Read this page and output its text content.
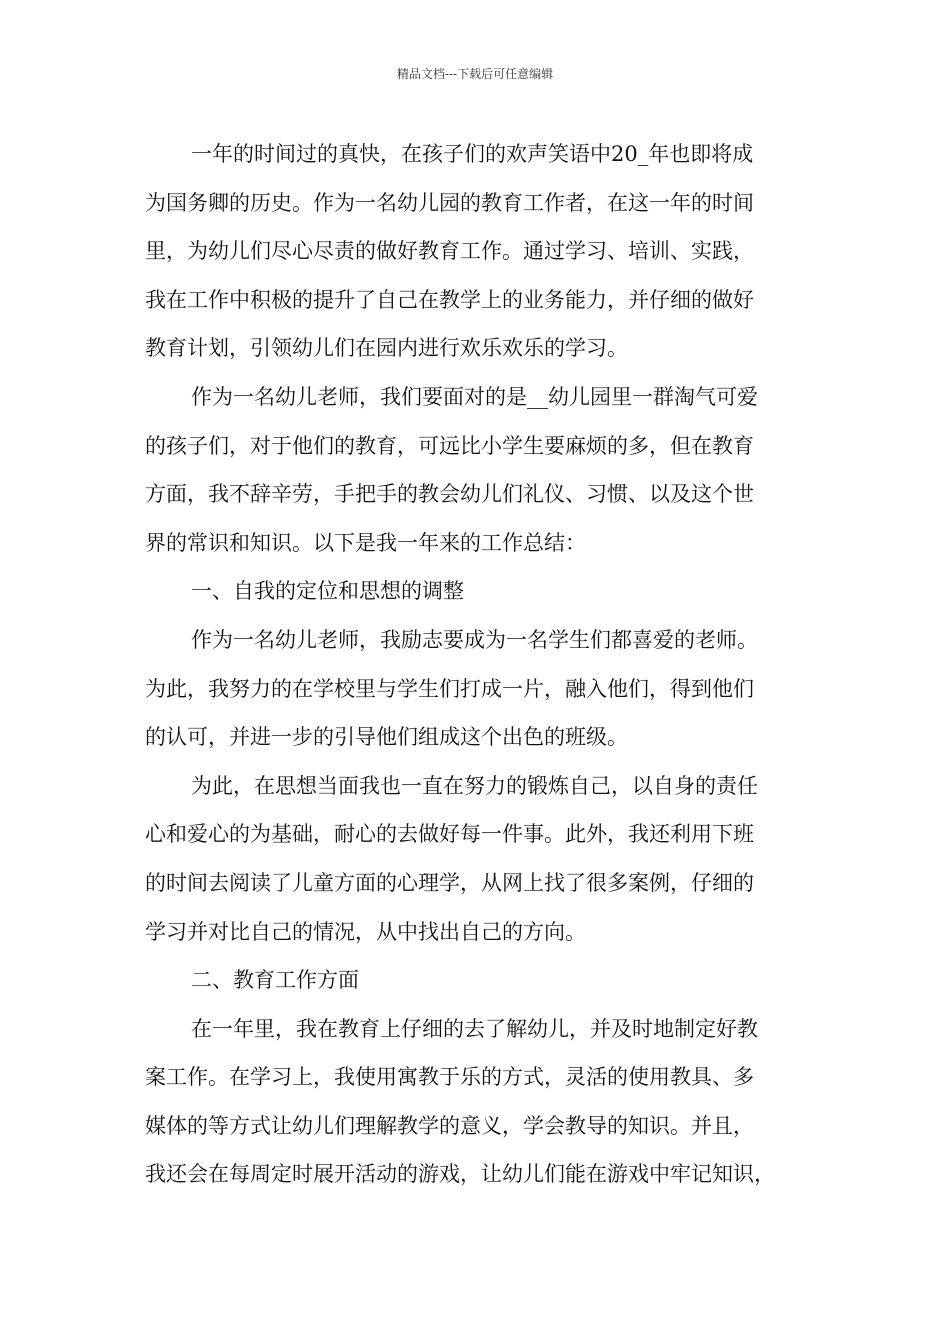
精品文档---下载后可任意编辑
一年的时间过的真快，在孩子们的欢声笑语中20_年也即将成
为国务卿的历史。作为一名幼儿园的教育工作者，在这一年的时间
里，为幼儿们尽心尽责的做好教育工作。通过学习、培训、实践，
我在工作中积极的提升了自己在教学上的业务能力，并仔细的做好
教育计划，引领幼儿们在园内进行欢乐欢乐的学习。
作为一名幼儿老师，我们要面对的是__幼儿园里一群淘气可爱
的孩子们，对于他们的教育，可远比小学生要麻烦的多，但在教育
方面，我不辞辛劳，手把手的教会幼儿们礼仪、习惯、以及这个世
界的常识和知识。以下是我一年来的工作总结：
一、自我的定位和思想的调整
作为一名幼儿老师，我励志要成为一名学生们都喜爱的老师。
为此，我努力的在学校里与学生们打成一片，融入他们，得到他们
的认可，并进一步的引导他们组成这个出色的班级。
为此，在思想当面我也一直在努力的锻炼自己，以自身的责任
心和爱心的为基础，耐心的去做好每一件事。此外，我还利用下班
的时间去阅读了儿童方面的心理学，从网上找了很多案例，仔细的
学习并对比自己的情况，从中找出自己的方向。
二、教育工作方面
在一年里，我在教育上仔细的去了解幼儿，并及时地制定好教
案工作。在学习上，我使用寓教于乐的方式，灵活的使用教具、多
媒体的等方式让幼儿们理解教学的意义，学会教导的知识。并且，
我还会在每周定时展开活动的游戏，让幼儿们能在游戏中牢记知识，
